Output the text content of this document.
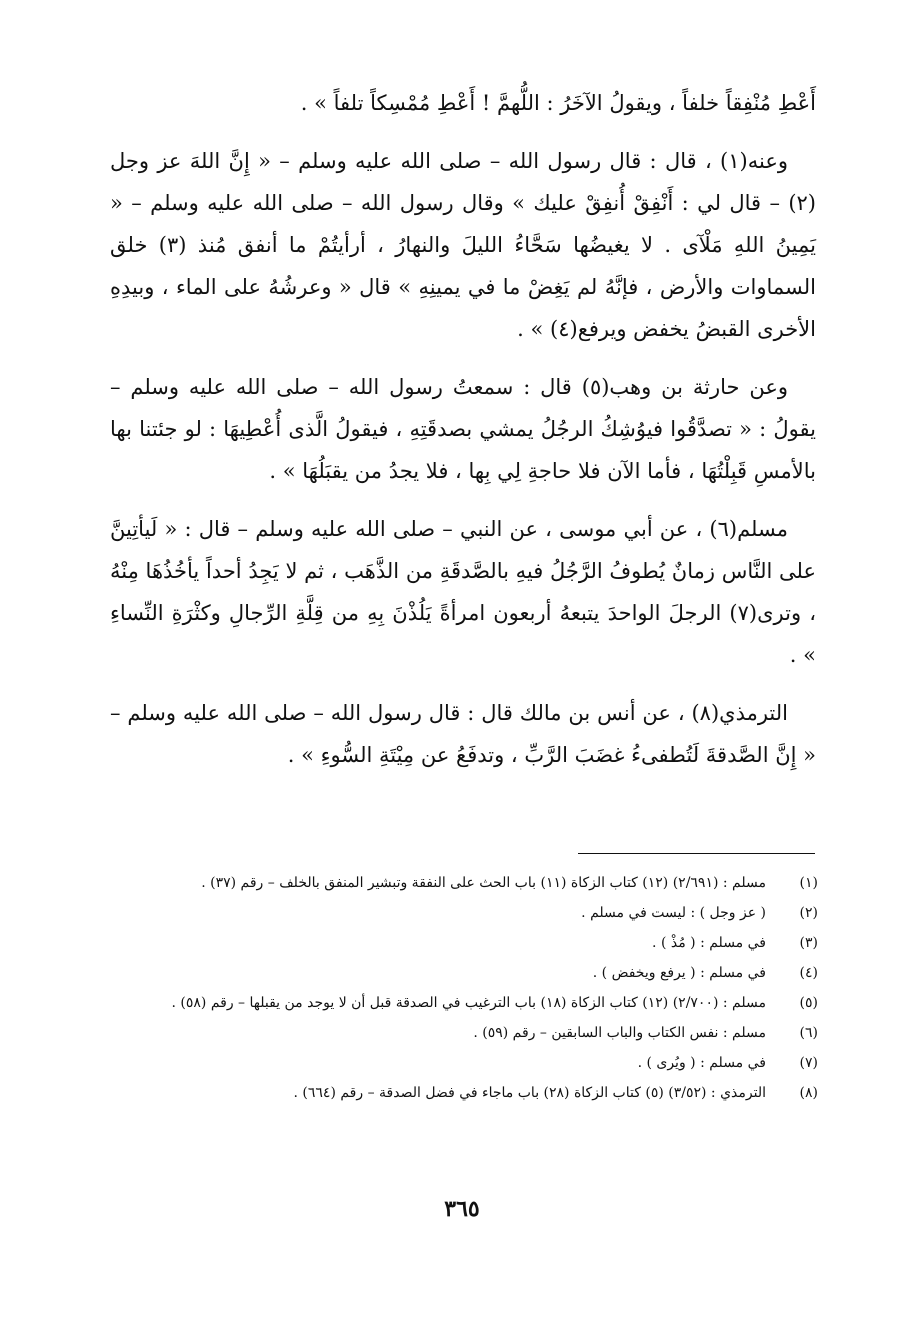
أَعْطِ مُنْفِقاً خلفاً ، ويقولُ الآخَرُ : اللُّهمَّ ! أَعْطِ مُمْسِكاً تلفاً » .

وعنه(١) ، قال : قال رسول الله – صلى الله عليه وسلم – « إِنَّ اللهَ عز وجل (٢) – قال لي : أَنْفِقْ أُنفِقْ عليك » وقال رسول الله – صلى الله عليه وسلم – « يَمِينُ اللهِ مَلْآى . لا يغيضُها سَحَّاءُ الليلَ والنهارُ ، أرأيتُمْ ما أنفق مُنذ (٣) خلق السماوات والأرض ، فإنَّهُ لم يَغِضْ ما في يمينِهِ » قال « وعرشُهُ على الماء ، وبيدِهِ الأخرى القبضُ يخفض ويرفع(٤) » .

وعن حارثة بن وهب(٥) قال : سمعتُ رسول الله – صلى الله عليه وسلم – يقولُ : « تصدَّقُوا فيوُشِكُ الرجُلُ يمشي بصدقَتِهِ ، فيقولُ الَّذى أُعْطِيهَا : لو جئتنا بها بالأمسِ قَبِلْتُهَا ، فأما الآن فلا حاجةِ لِي بِها ، فلا يجدُ من يقبَلُهَا » .

مسلم(٦) ، عن أبي موسى ، عن النبي – صلى الله عليه وسلم – قال : « لَيأتِينَّ على النَّاس زمانٌ يُطوفُ الرَّجُلُ فيهِ بالصَّدقَةِ من الذَّهَب ، ثم لا يَجِدُ أحداً يأخُذُهَا مِنْهُ ، وترى(٧) الرجلَ الواحدَ يتبعهُ أربعون امرأةً يَلُذْنَ بِهِ من قِلَّةِ الرِّجالِ وكثْرَةِ النِّساءِ » .

الترمذي(٨) ، عن أنس بن مالك قال : قال رسول الله – صلى الله عليه وسلم – « إِنَّ الصَّدقةَ لَتُطفىءُ غضَبَ الرَّبِّ ، وتدفَعُ عن مِيْتَةِ السُّوءِ » .

(١)
مسلم : (٢/٦٩١) (١٢) كتاب الزكاة (١١) باب الحث على النفقة وتبشير المنفق بالخلف – رقم (٣٧) .
(٢)
( عز وجل ) : ليست في مسلم .
(٣)
في مسلم : ( مُذْ ) .
(٤)
في مسلم : ( يرفع ويخفض ) .
(٥)
مسلم : (٢/٧٠٠) (١٢) كتاب الزكاة (١٨) باب الترغيب في الصدقة قبل أن لا يوجد من يقبلها – رقم (٥٨) .
(٦)
مسلم : نفس الكتاب والباب السابقين – رقم (٥٩) .
(٧)
في مسلم : ( ويُرى ) .
(٨)
الترمذي : (٣/٥٢) (٥) كتاب الزكاة (٢٨) باب ماجاء في فضل الصدقة – رقم (٦٦٤) .
٣٦٥
